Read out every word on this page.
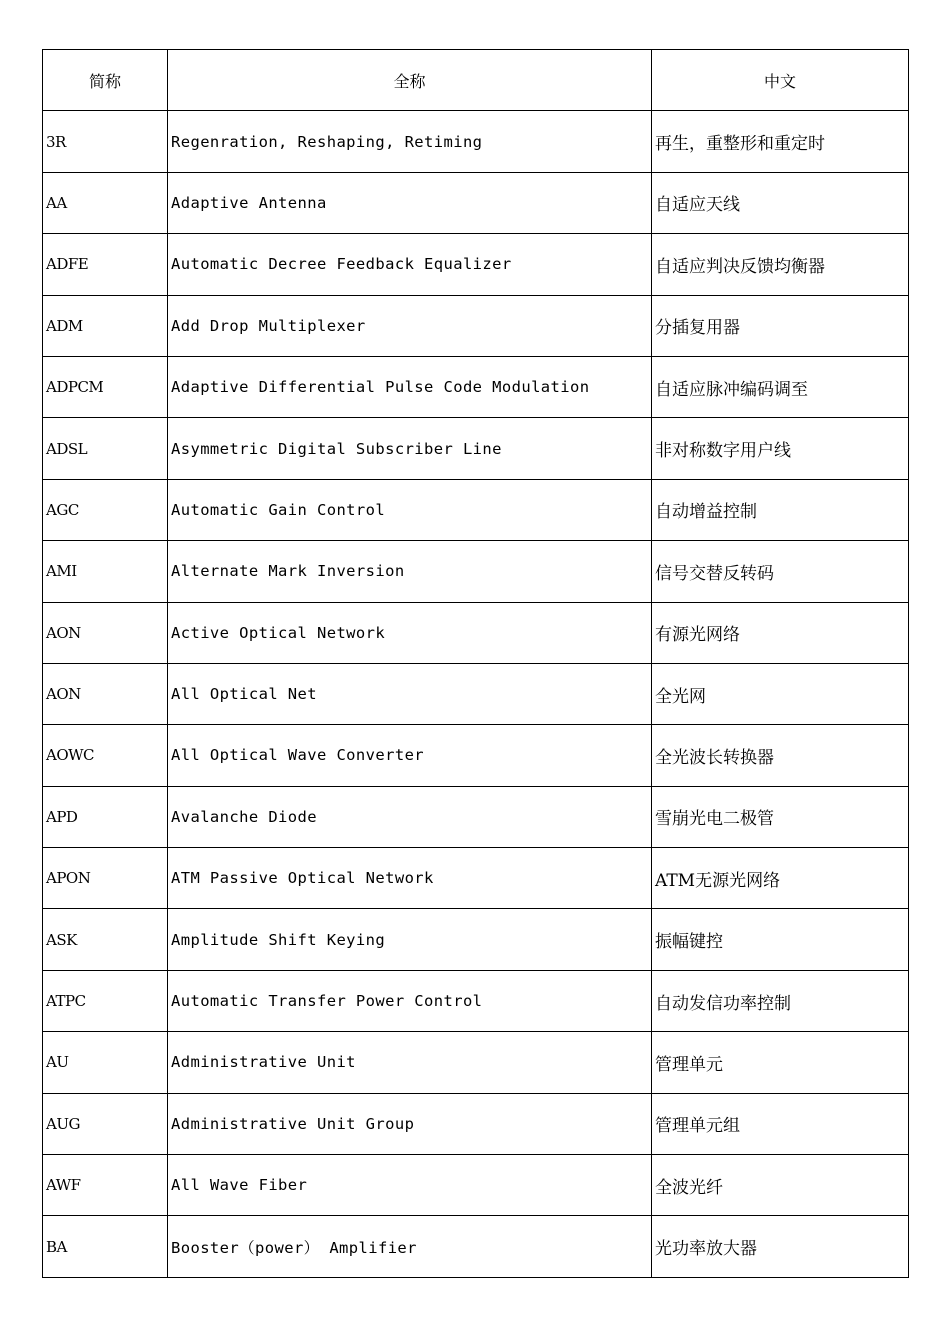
简称	全称	中文
3R	Regenration, Reshaping, Retiming	再生，重整形和重定时
AA	Adaptive Antenna	自适应天线
ADFE	Automatic Decree Feedback Equalizer	自适应判决反馈均衡器
ADM	Add Drop Multiplexer	分插复用器
ADPCM	Adaptive Differential Pulse Code Modulation	自适应脉冲编码调至
ADSL	Asymmetric Digital Subscriber Line	非对称数字用户线
AGC	Automatic Gain Control	自动增益控制
AMI	Alternate Mark Inversion	信号交替反转码
AON	Active Optical Network	有源光网络
AON	All Optical Net	全光网
AOWC	All Optical Wave Converter	全光波长转换器
APD	Avalanche Diode	雪崩光电二极管
APON	ATM Passive Optical Network	ATM无源光网络
ASK	Amplitude Shift Keying	振幅键控
ATPC	Automatic Transfer Power Control	自动发信功率控制
AU	Administrative Unit	管理单元
AUG	Administrative Unit Group	管理单元组
AWF	All Wave Fiber	全波光纤
BA	Booster（power） Amplifier	光功率放大器
